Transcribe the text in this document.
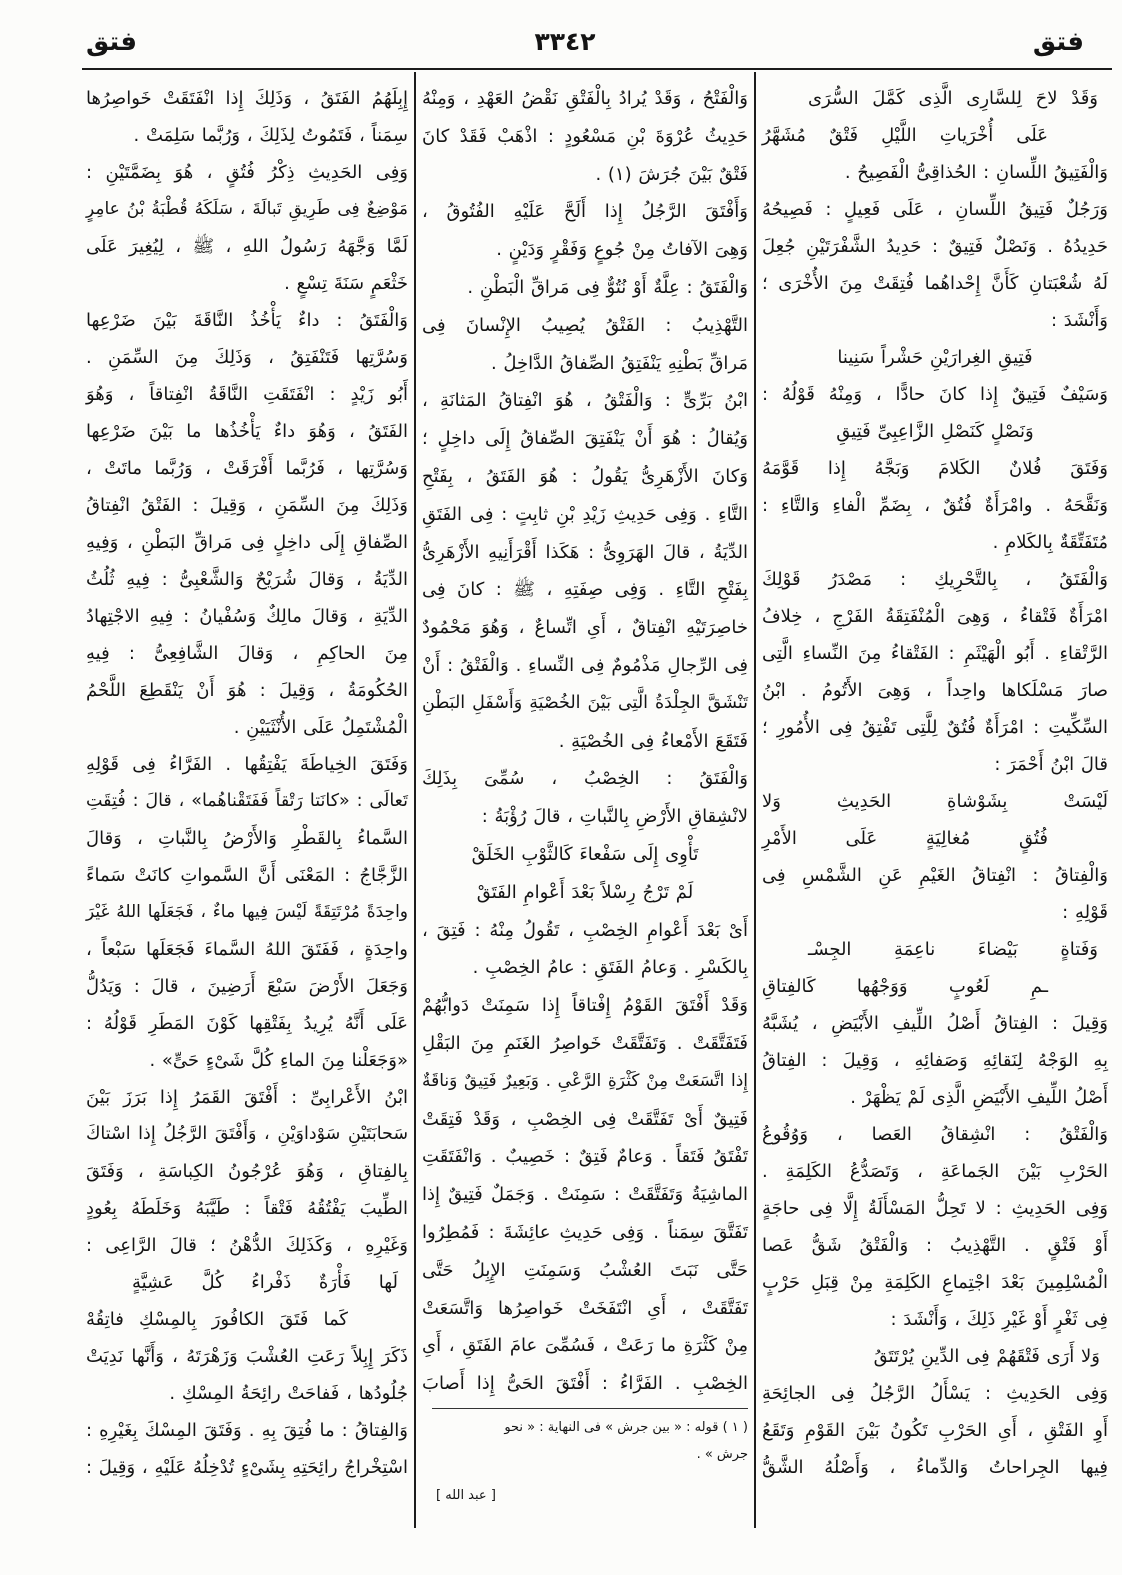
فتق	٣٣٤٢	فتق
وَقَدْ لاحَ لِلسَّارِى الَّذِى كَمَّلَ السُّرَى
عَلَى أُخْرَياتِ اللَّيْلِ فَتْقٌ مُشَهَّرُ
وَالْفَتِيقُ اللِّسانِ : الحُذاقِىُّ الْفَصِيحُ .
وَرَجُلٌ فَتِيقُ اللِّسانِ ، عَلَى فَعِيلٍ : فَصِيحُهُ
حَدِيدُهُ . وَنَصْلٌ فَتِيقٌ : حَدِيدُ الشَّفْرَتَيْنِ جُعِلَ
لَهُ شُعْبَتانِ كَأَنَّ إِحْداهُما فُتِقَتْ مِنَ الأُخْرَى ؛
وَأَنْشَدَ :
فَتِيقِ الغِرارَيْنِ حَشْراً سَنِينا
وَسَيْفٌ فَتِيقٌ إِذا كانَ حادًّا ، وَمِنْهُ قَوْلُهُ :
وَنَصْلٍ كَنَصْلِ الزَّاعِبِىِّ فَتِيقِ
وَفَتَقَ فُلانٌ الكَلامَ وَبَجَّهُ إِذا قَوَّمَهُ
وَنَقَّحَهُ . وامْرَأَةٌ فُتُقٌ ، بِضَمِّ الْفاءِ وَالتَّاءِ :
مُتَفَتِّقَةٌ بِالكَلامِ .
وَالْفَتَقُ ، بِالتَّحْرِيكِ : مَصْدَرُ قَوْلِكَ
امْرَأَةٌ فَتْقاءُ ، وَهِىَ الْمُنْفَتِقَةُ الفَرْجِ ، خِلافُ
الرَّتْقاءِ . أَبُو الْهَيْثَمِ : الفَتْقاءُ مِنَ النِّساءِ الَّتِى
صارَ مَسْلَكاها واحِداً ، وَهِىَ الأَتُومُ . ابْنُ
السِّكِّيتِ : امْرَأَةٌ فُتُقٌ لِلَّتِى تَفْتِقُ فِى الأُمُورِ ؛
قالَ ابْنُ أَحْمَرَ :
لَيْسَتْ بِشَوْشاةِ الحَدِيثِ وَلا
فُتُقٍ مُغالِيَةٍ عَلَى الأَمْرِ
وَالْفِتاقُ : انْفِتاقُ الغَيْمِ عَنِ الشَّمْسِ فِى
قَوْلِهِ :
وَفَتاةٍ بَيْضاءَ ناعِمَةِ الجِسْـ
ـمِ لَعُوبٍ وَوَجْهُها كَالفِتاقِ
وَقِيلَ : الفِتاقُ أَصْلُ اللِّيفِ الأَبْيَضِ ، يُشَبَّهُ
بِهِ الوَجْهُ لِنَقائِهِ وَصَفائِهِ ، وَقِيلَ : الفِتاقُ
أَصْلُ اللِّيفِ الأَبْيَضِ الَّذِى لَمْ يَظْهَرْ .
وَالْفَتْقُ : انْشِقاقُ العَصا ، وَوُقُوعُ
الحَرْبِ بَيْنَ الجَماعَةِ ، وَتَصَدُّعُ الكَلِمَةِ .
وَفِى الحَدِيثِ : لا تَحِلُّ المَسْأَلَةُ إِلَّا فِى حاجَةٍ
أَوْ فَتْقٍ . التَّهْذِيبُ : وَالْفَتْقُ شَقُّ عَصا
الْمُسْلِمِينَ بَعْدَ اجْتِماعِ الكَلِمَةِ مِنْ قِبَلِ حَرْبٍ
فِى ثَغْرٍ أَوْ غَيْرِ ذَلِكَ ، وَأَنْشَدَ :
وَلا أَرَى فَتْقَهُمْ فِى الدِّينِ يُرْتَتَقُ
وَفِى الحَدِيثِ : يَسْأَلُ الرَّجُلُ فِى الجائِحَةِ
أَوِ الفَتْقِ ، أَىِ الحَرْبِ تَكُونُ بَيْنَ القَوْمِ وَتَقَعُ
فِيها الجِراحاتُ وَالدِّماءُ ، وَأَصْلُهُ الشَّقُّ
وَالْفَتْحُ ، وَقَدْ يُرادُ بِالْفَتْقِ نَقْضُ العَهْدِ ، وَمِنْهُ
حَدِيثُ عُرْوَةَ بْنِ مَسْعُودٍ : اذْهَبْ فَقَدْ كانَ
فَتْقٌ بَيْنَ جُرَشَ (١) .
وَأَفْتَقَ الرَّجُلُ إِذا أَلَحَّ عَلَيْهِ الفُتُوقُ ،
وَهِىَ الآفاتُ مِنْ جُوعٍ وَفَقْرٍ وَدَيْنٍ .
وَالْفَتَقُ : عِلَّةٌ أَوْ نُتُوٌّ فِى مَراقِّ الْبَطْنِ .
التَّهْذِيبُ : الفَتْقُ يُصِيبُ الإِنْسانَ فِى
مَراقِّ بَطْنِهِ يَنْفَتِقُ الصِّفاقُ الدَّاخِلُ .
ابْنُ بَرِّىٍّ : وَالْفَتْقُ ، هُوَ انْفِتاقُ المَثانَةِ ،
وَيُقالُ : هُوَ أَنْ يَنْفَتِقَ الصِّفاقُ إِلَى داخِلٍ ؛
وَكانَ الأَزْهَرِىُّ يَقُولُ : هُوَ الفَتَقُ ، بِفَتْحِ
التَّاءِ . وَفِى حَدِيثِ زَيْدِ بْنِ ثابِتٍ : فِى الفَتَقِ
الدِّيَةُ ، قالَ الهَرَوِىُّ : هَكَذا أَقْرَأَنِيهِ الأَزْهَرِىُّ
بِفَتْحِ التَّاءِ . وَفِى صِفَتِهِ ، ﷺ : كانَ فِى
خاصِرَتَيْهِ انْفِتاقٌ ، أَىِ اتِّساعٌ ، وَهُوَ مَحْمُودٌ
فِى الرِّجالِ مَذْمُومٌ فِى النِّساءِ . وَالْفَتْقُ : أَنْ
تَنْشَقَّ الجِلْدَةُ الَّتِى بَيْنَ الخُصْيَةِ وَأَسْفَلِ البَطْنِ
فَتَقَعَ الأَمْعاءُ فِى الخُصْيَةِ .
وَالْفَتَقُ : الخِصْبُ ، سُمِّىَ بِذَلِكَ
لانْشِقاقِ الأَرْضِ بِالنَّباتِ ، قالَ رُؤْبَةُ :
تَأْوِى إِلَى سَفْعاءَ كَالثَّوْبِ الخَلَقْ
لَمْ تَرْجُ رِسْلاً بَعْدَ أَعْوامِ الفَتَقْ
أَىْ بَعْدَ أَعْوامِ الخِصْبِ ، تَقُولُ مِنْهُ : فَتِقَ ،
بِالكَسْرِ . وَعامُ الفَتَقِ : عامُ الخِصْبِ .
وَقَدْ أَفْتَقَ القَوْمُ إِفْتاقاً إِذا سَمِنَتْ دَوابُّهُمْ
فَتَفَتَّقَتْ . وَتَفَتَّقَتْ خَواصِرُ الغَنَمِ مِنَ البَقْلِ
إِذا اتَّسَعَتْ مِنْ كَثْرَةِ الرَّعْىِ . وَبَعِيرٌ فَتِيقٌ وَناقَةٌ
فَتِيقٌ أَىْ تَفَتَّقَتْ فِى الخِصْبِ ، وَقَدْ فَتِقَتْ
تَفْتَقُ فَتَقاً . وَعامٌ فَتِقٌ : خَصِيبٌ . وَانْفَتَقَتِ
الماشِيَةُ وَتَفَتَّقَتْ : سَمِنَتْ . وَجَمَلٌ فَتِيقٌ إِذا
تَفَتَّقَ سِمَناً . وَفِى حَدِيثِ عائِشَةَ : فَمُطِرُوا
حَتَّى نَبَتَ العُشْبُ وَسَمِنَتِ الإِبِلُ حَتَّى
تَفَتَّقَتْ ، أَىِ انْتَفَخَتْ خَواصِرُها وَاتَّسَعَتْ
مِنْ كَثْرَةِ ما رَعَتْ ، فَسُمِّىَ عامَ الفَتَقِ ، أَىِ
الخِصْبِ . الفَرَّاءُ : أَفْتَقَ الحَىُّ إِذا أَصابَ
إِبِلَهُمُ الفَتَقُ ، وَذَلِكَ إِذا انْفَتَقَتْ خَواصِرُها
سِمَناً ، فَتَمُوتُ لِذَلِكَ ، وَرُبَّما سَلِمَتْ .
وَفِى الحَدِيثِ ذِكْرُ فُتُقٍ ، هُوَ بِضَمَّتَيْنِ :
مَوْضِعٌ فِى طَرِيقِ تَبالَةَ ، سَلَكَهُ قُطْبَةُ بْنُ عامِرٍ
لَمَّا وَجَّهَهُ رَسُولُ اللهِ ، ﷺ ، لِيُغِيرَ عَلَى
خَثْعَمٍ سَنَةَ تِسْعٍ .
وَالْفَتَقُ : داءٌ يَأْخُذُ النَّاقَةَ بَيْنَ ضَرْعِها
وَسُرَّتِها فَتَنْفَتِقُ ، وَذَلِكَ مِنَ السِّمَنِ .
أَبُو زَيْدٍ : انْفَتَقَتِ النَّاقَةُ انْفِتاقاً ، وَهُوَ
الفَتَقُ ، وَهُوَ داءٌ يَأْخُذُها ما بَيْنَ ضَرْعِها
وَسُرَّتِها ، فَرُبَّما أَفْرَقَتْ ، وَرُبَّما ماتَتْ ،
وَذَلِكَ مِنَ السِّمَنِ ، وَقِيلَ : الفَتْقُ انْفِتاقُ
الصِّفاقِ إِلَى داخِلٍ فِى مَراقِّ البَطْنِ ، وَفِيهِ
الدِّيَةُ ، وَقالَ شُرَيْحٌ وَالشَّعْبِىُّ : فِيهِ ثُلُثُ
الدِّيَةِ ، وَقالَ مالِكٌ وَسُفْيانُ : فِيهِ الاجْتِهادُ
مِنَ الحاكِمِ ، وَقالَ الشَّافِعِىُّ : فِيهِ
الحُكُومَةُ ، وَقِيلَ : هُوَ أَنْ يَنْقَطِعَ اللَّحْمُ
الْمُشْتَمِلُ عَلَى الأُنْثَيَيْنِ .
وَفَتَقَ الخِياطَةَ يَفْتِقُها . الفَرَّاءُ فِى قَوْلِهِ
تَعالَى : «كانَتا رَتْقاً فَفَتَقْناهُما» ، قالَ : فُتِقَتِ
السَّماءُ بِالقَطْرِ وَالأَرْضُ بِالنَّباتِ ، وَقالَ
الزَّجَّاجُ : المَعْنَى أَنَّ السَّمواتِ كانَتْ سَماءً
واحِدَةً مُرْتَتِقَةً لَيْسَ فِيها ماءٌ ، فَجَعَلَها اللهُ غَيْرَ
واحِدَةٍ ، فَفَتَقَ اللهُ السَّماءَ فَجَعَلَها سَبْعاً ،
وَجَعَلَ الأَرْضَ سَبْعَ أَرَضِينَ ، قالَ : وَيَدُلُّ
عَلَى أَنَّهُ يُرِيدُ بِفَتْقِها كَوْنَ المَطَرِ قَوْلُهُ :
«وَجَعَلْنا مِنَ الماءِ كُلَّ شَىْءٍ حَىٍّ» .
ابْنُ الأَعْرابِىِّ : أَفْتَقَ القَمَرُ إِذا بَرَزَ بَيْنَ
سَحابَتَيْنِ سَوْداوَيْنِ ، وَأَفْتَقَ الرَّجُلُ إِذا اسْتاكَ
بِالفِتاقِ ، وَهُوَ عُرْجُونُ الكِباسَةِ ، وَفَتَقَ
الطِّيبَ يَفْتُقُهُ فَتْقاً : طَيَّبَهُ وَخَلَطَهُ بِعُودٍ
وَغَيْرِهِ ، وَكَذَلِكَ الدُّهْنُ ؛ قالَ الرَّاعِى :
لَها فَأْرَةٌ ذَفْراءُ كُلَّ عَشِيَّةٍ
كَما فَتَقَ الكافُورَ بِالمِسْكِ فاتِقُهْ
ذَكَرَ إِبِلاً رَعَتِ العُشْبَ وَزَهْرَتَهُ ، وَأَنَّها نَدِيَتْ
جُلُودُها ، فَفاحَتْ رائِحَةُ المِسْكِ .
وَالفِتاقُ : ما فُتِقَ بِهِ . وَفَتَقَ المِسْكَ بِغَيْرِهِ :
اسْتِخْراجُ رائِحَتِهِ بِشَىْءٍ تُدْخِلُهُ عَلَيْهِ ، وَقِيلَ :
( ١ ) قوله : « بين جرش » فى النهاية : « نحو
جرش » .
[ عبد الله ]
